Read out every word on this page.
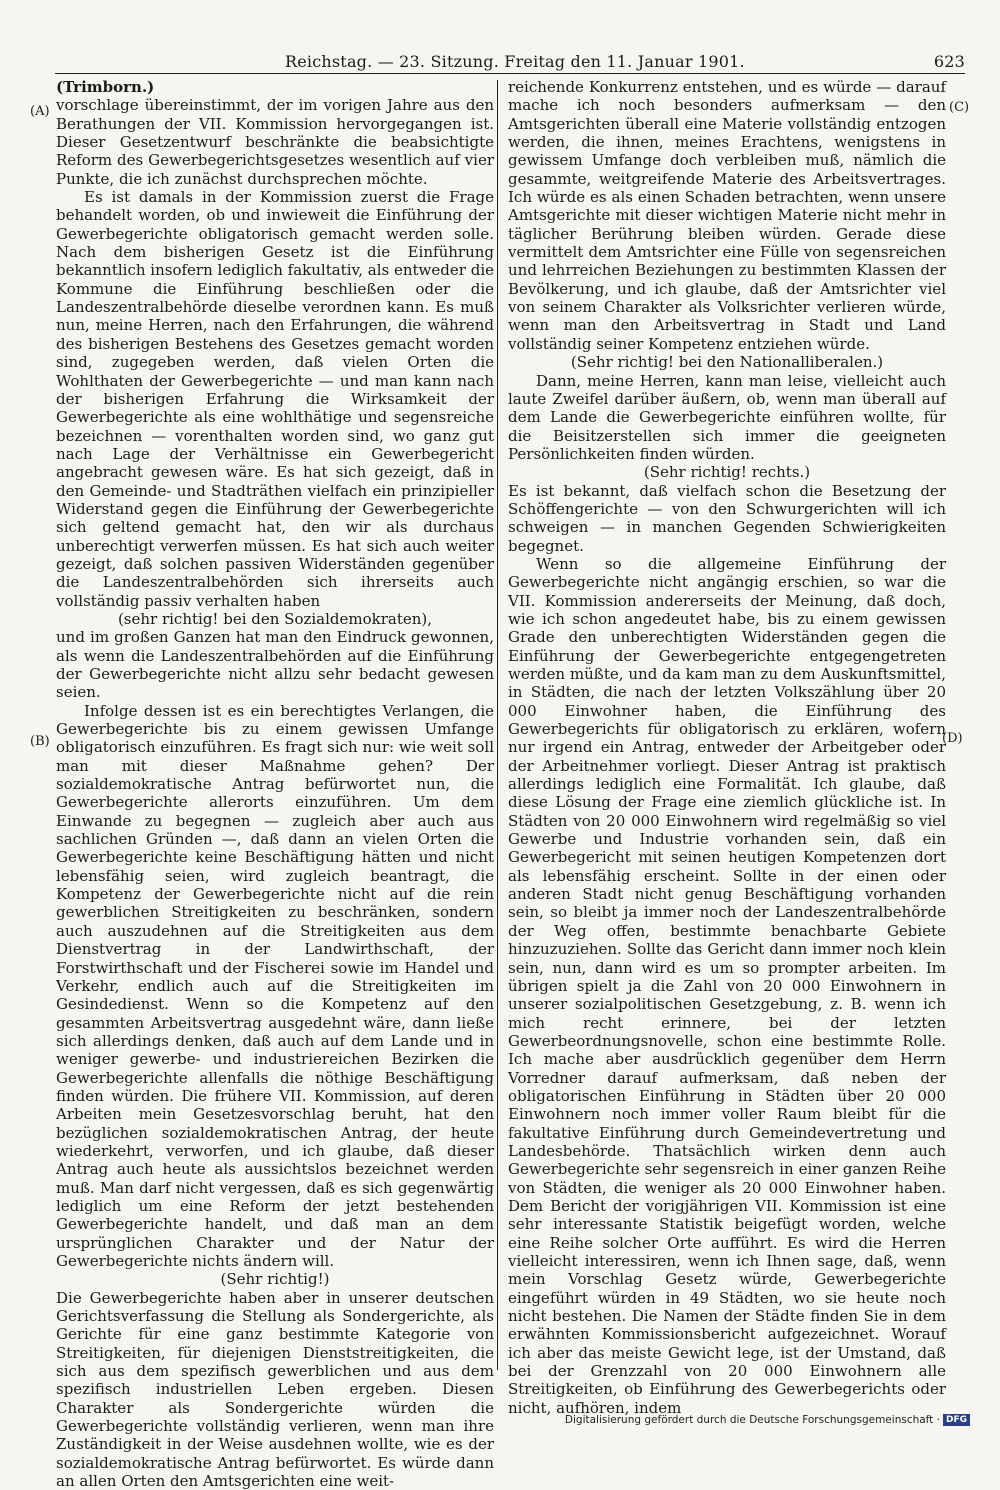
Reichstag. — 23. Sitzung. Freitag den 11. Januar 1901.	623
(A)
(B)
(C)
(D)

(Trimborn.)

vorschlage übereinstimmt, der im vorigen Jahre aus den Berathungen der VII. Kommission hervorgegangen ist. Dieser Gesetzentwurf beschränkte die beabsichtigte Reform des Gewerbegerichtsgesetzes wesentlich auf vier Punkte, die ich zunächst durchsprechen möchte.

Es ist damals in der Kommission zuerst die Frage behandelt worden, ob und inwieweit die Einführung der Gewerbegerichte obligatorisch gemacht werden solle. Nach dem bisherigen Gesetz ist die Einführung bekanntlich insofern lediglich fakultativ, als entweder die Kommune die Einführung beschließen oder die Landeszentralbehörde dieselbe verordnen kann. Es muß nun, meine Herren, nach den Erfahrungen, die während des bisherigen Bestehens des Gesetzes gemacht worden sind, zugegeben werden, daß vielen Orten die Wohlthaten der Gewerbegerichte — und man kann nach der bisherigen Erfahrung die Wirksamkeit der Gewerbegerichte als eine wohlthätige und segensreiche bezeichnen — vorenthalten worden sind, wo ganz gut nach Lage der Verhältnisse ein Gewerbegericht angebracht gewesen wäre. Es hat sich gezeigt, daß in den Gemeinde- und Stadträthen vielfach ein prinzipieller Widerstand gegen die Einführung der Gewerbegerichte sich geltend gemacht hat, den wir als durchaus unberechtigt verwerfen müssen. Es hat sich auch weiter gezeigt, daß solchen passiven Widerständen gegenüber die Landeszentralbehörden sich ihrerseits auch vollständig passiv verhalten haben

(sehr richtig! bei den Sozialdemokraten),

und im großen Ganzen hat man den Eindruck gewonnen, als wenn die Landeszentralbehörden auf die Einführung der Gewerbegerichte nicht allzu sehr bedacht gewesen seien.

Infolge dessen ist es ein berechtigtes Verlangen, die Gewerbegerichte bis zu einem gewissen Umfange obligatorisch einzuführen. Es fragt sich nur: wie weit soll man mit dieser Maßnahme gehen? Der sozialdemokratische Antrag befürwortet nun, die Gewerbegerichte allerorts einzuführen. Um dem Einwande zu begegnen — zugleich aber auch aus sachlichen Gründen —, daß dann an vielen Orten die Gewerbegerichte keine Beschäftigung hätten und nicht lebensfähig seien, wird zugleich beantragt, die Kompetenz der Gewerbegerichte nicht auf die rein gewerblichen Streitigkeiten zu beschränken, sondern auch auszudehnen auf die Streitigkeiten aus dem Dienstvertrag in der Landwirthschaft, der Forstwirthschaft und der Fischerei sowie im Handel und Verkehr, endlich auch auf die Streitigkeiten im Gesindedienst. Wenn so die Kompetenz auf den gesammten Arbeitsvertrag ausgedehnt wäre, dann ließe sich allerdings denken, daß auch auf dem Lande und in weniger gewerbe- und industriereichen Bezirken die Gewerbegerichte allenfalls die nöthige Beschäftigung finden würden. Die frühere VII. Kommission, auf deren Arbeiten mein Gesetzesvorschlag beruht, hat den bezüglichen sozialdemokratischen Antrag, der heute wiederkehrt, verworfen, und ich glaube, daß dieser Antrag auch heute als aussichtslos bezeichnet werden muß. Man darf nicht vergessen, daß es sich gegenwärtig lediglich um eine Reform der jetzt bestehenden Gewerbegerichte handelt, und daß man an dem ursprünglichen Charakter und der Natur der Gewerbegerichte nichts ändern will.

(Sehr richtig!)

Die Gewerbegerichte haben aber in unserer deutschen Gerichtsverfassung die Stellung als Sondergerichte, als Gerichte für eine ganz bestimmte Kategorie von Streitigkeiten, für diejenigen Dienststreitigkeiten, die sich aus dem spezifisch gewerblichen und aus dem spezifisch industriellen Leben ergeben. Diesen Charakter als Sondergerichte würden die Gewerbegerichte vollständig verlieren, wenn man ihre Zuständigkeit in der Weise ausdehnen wollte, wie es der sozialdemokratische Antrag befürwortet. Es würde dann an allen Orten den Amtsgerichten eine weit-

reichende Konkurrenz entstehen, und es würde — darauf mache ich noch besonders aufmerksam — den Amtsgerichten überall eine Materie vollständig entzogen werden, die ihnen, meines Erachtens, wenigstens in gewissem Umfange doch verbleiben muß, nämlich die gesammte, weitgreifende Materie des Arbeitsvertrages. Ich würde es als einen Schaden betrachten, wenn unsere Amtsgerichte mit dieser wichtigen Materie nicht mehr in täglicher Berührung bleiben würden. Gerade diese vermittelt dem Amtsrichter eine Fülle von segensreichen und lehrreichen Beziehungen zu bestimmten Klassen der Bevölkerung, und ich glaube, daß der Amtsrichter viel von seinem Charakter als Volksrichter verlieren würde, wenn man den Arbeitsvertrag in Stadt und Land vollständig seiner Kompetenz entziehen würde.

(Sehr richtig! bei den Nationalliberalen.)

Dann, meine Herren, kann man leise, vielleicht auch laute Zweifel darüber äußern, ob, wenn man überall auf dem Lande die Gewerbegerichte einführen wollte, für die Beisitzerstellen sich immer die geeigneten Persönlichkeiten finden würden.

(Sehr richtig! rechts.)

Es ist bekannt, daß vielfach schon die Besetzung der Schöffengerichte — von den Schwurgerichten will ich schweigen — in manchen Gegenden Schwierigkeiten begegnet.

Wenn so die allgemeine Einführung der Gewerbegerichte nicht angängig erschien, so war die VII. Kommission andererseits der Meinung, daß doch, wie ich schon angedeutet habe, bis zu einem gewissen Grade den unberechtigten Widerständen gegen die Einführung der Gewerbegerichte entgegengetreten werden müßte, und da kam man zu dem Auskunftsmittel, in Städten, die nach der letzten Volkszählung über 20 000 Einwohner haben, die Einführung des Gewerbegerichts für obligatorisch zu erklären, wofern nur irgend ein Antrag, entweder der Arbeitgeber oder der Arbeitnehmer vorliegt. Dieser Antrag ist praktisch allerdings lediglich eine Formalität. Ich glaube, daß diese Lösung der Frage eine ziemlich glückliche ist. In Städten von 20 000 Einwohnern wird regelmäßig so viel Gewerbe und Industrie vorhanden sein, daß ein Gewerbegericht mit seinen heutigen Kompetenzen dort als lebensfähig erscheint. Sollte in der einen oder anderen Stadt nicht genug Beschäftigung vorhanden sein, so bleibt ja immer noch der Landeszentralbehörde der Weg offen, bestimmte benachbarte Gebiete hinzuzuziehen. Sollte das Gericht dann immer noch klein sein, nun, dann wird es um so prompter arbeiten. Im übrigen spielt ja die Zahl von 20 000 Einwohnern in unserer sozialpolitischen Gesetzgebung, z. B. wenn ich mich recht erinnere, bei der letzten Gewerbeordnungsnovelle, schon eine bestimmte Rolle. Ich mache aber ausdrücklich gegenüber dem Herrn Vorredner darauf aufmerksam, daß neben der obligatorischen Einführung in Städten über 20 000 Einwohnern noch immer voller Raum bleibt für die fakultative Einführung durch Gemeindevertretung und Landesbehörde. Thatsächlich wirken denn auch Gewerbegerichte sehr segensreich in einer ganzen Reihe von Städten, die weniger als 20 000 Einwohner haben. Dem Bericht der vorigjährigen VII. Kommission ist eine sehr interessante Statistik beigefügt worden, welche eine Reihe solcher Orte aufführt. Es wird die Herren vielleicht interessiren, wenn ich Ihnen sage, daß, wenn mein Vorschlag Gesetz würde, Gewerbegerichte eingeführt würden in 49 Städten, wo sie heute noch nicht bestehen. Die Namen der Städte finden Sie in dem erwähnten Kommissionsbericht aufgezeichnet. Worauf ich aber das meiste Gewicht lege, ist der Umstand, daß bei der Grenzzahl von 20 000 Einwohnern alle Streitigkeiten, ob Einführung des Gewerbegerichts oder nicht, aufhören, indem

Digitalisierung gefördert durch die Deutsche Forschungsgemeinschaft · DFG
